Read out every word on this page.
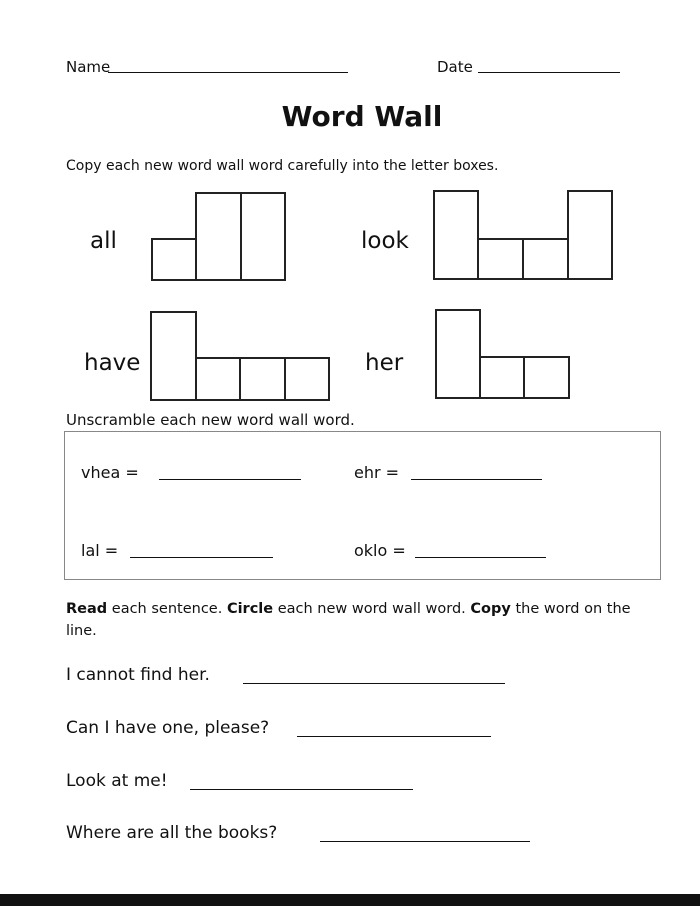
Name	Date
Word Wall
Copy each new word wall word carefully into the letter boxes.
all	look
have	her
Unscramble each new word wall word.
vhea =	ehr =
lal =	oklo =
Read each sentence. Circle each new word wall word. Copy the word on the line.
I cannot find her.
Can I have one, please?
Look at me!
Where are all the books?
